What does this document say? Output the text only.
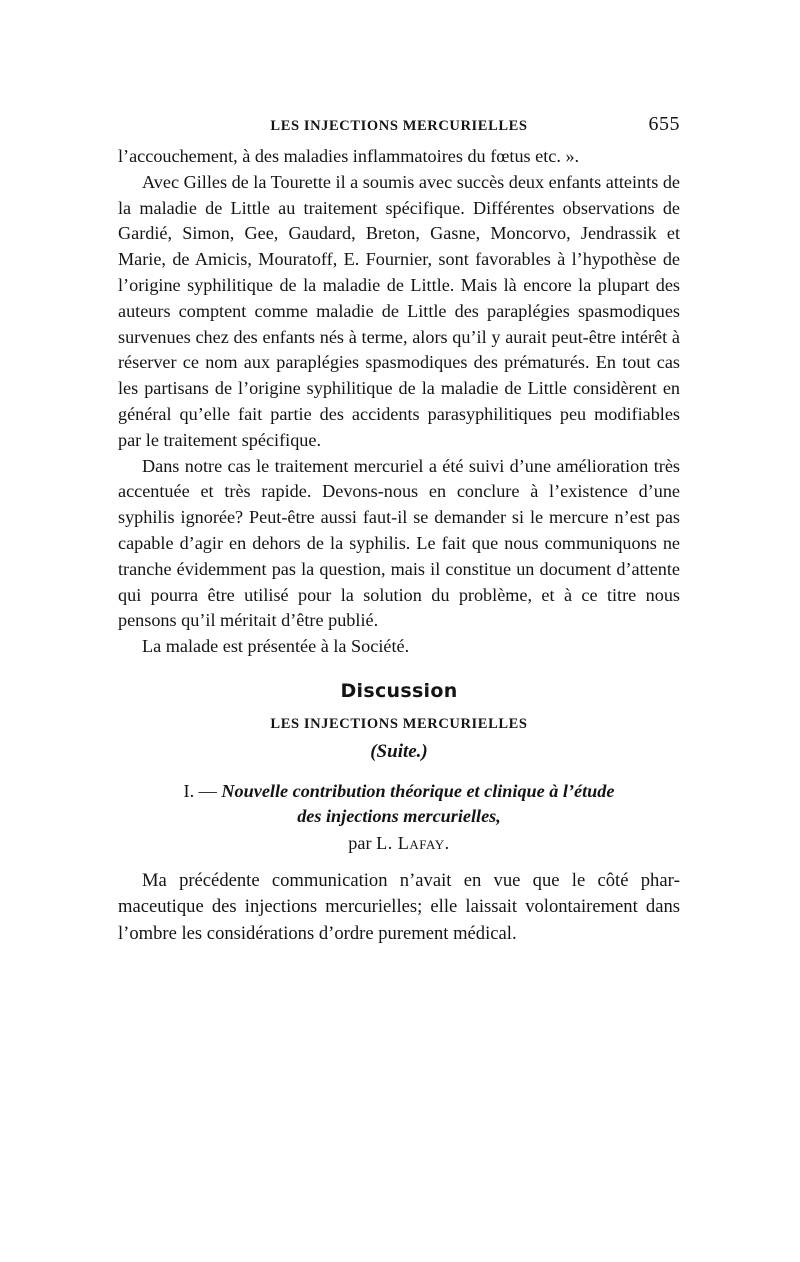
LES INJECTIONS MERCURIELLES	655

l’accouchement, à des maladies inflammatoires du fœtus etc. ».

Avec Gilles de la Tourette il a soumis avec succès deux enfants atteints de la maladie de Little au traitement spécifique. Différentes observations de Gardié, Simon, Gee, Gaudard, Breton, Gasne, Moncorvo, Jendrassik et Marie, de Amicis, Mouratoff, E. Fournier, sont favorables à l’hypothèse de l’origine syphilitique de la maladie de Little. Mais là encore la plupart des auteurs comptent comme maladie de Little des paraplégies spasmodiques survenues chez des enfants nés à terme, alors qu’il y aurait peut-être intérêt à réserver ce nom aux paraplégies spasmodiques des prématurés. En tout cas les partisans de l’origine syphilitique de la maladie de Little considèrent en général qu’elle fait partie des accidents parasyphilitiques peu modifiables par le traitement spécifique.

Dans notre cas le traitement mercuriel a été suivi d’une amélioration très accentuée et très rapide. Devons-nous en conclure à l’existence d’une syphilis ignorée? Peut-être aussi faut-il se demander si le mercure n’est pas capable d’agir en dehors de la syphilis. Le fait que nous communiquons ne tranche évidemment pas la question, mais il constitue un document d’attente qui pourra être utilisé pour la solution du problème, et à ce titre nous pensons qu’il méritait d’être publié.

La malade est présentée à la Société.

Discussion
LES INJECTIONS MERCURIELLES
(Suite.)
I. — Nouvelle contribution théorique et clinique à l’étude
des injections mercurielles,
par L. Lafay.

Ma précédente communication n’avait en vue que le côté pharmaceutique des injections mercurielles; elle laissait volontairement dans l’ombre les considérations d’ordre purement médical.
